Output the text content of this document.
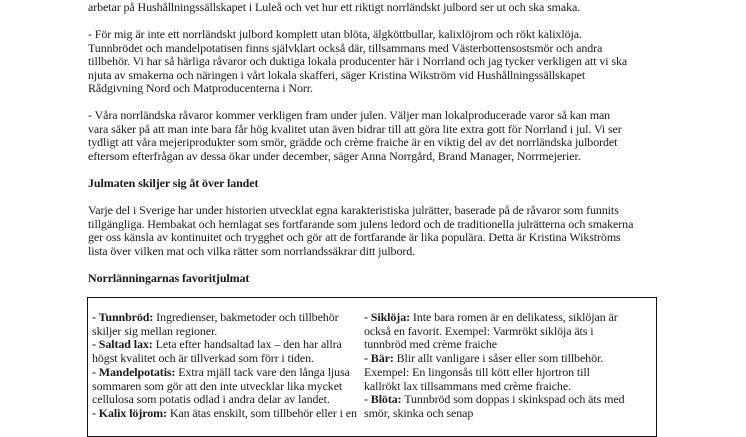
arbetar på Hushållningssällskapet i Luleå och vet hur ett riktigt norrländskt julbord ser ut och ska smaka.
- För mig är inte ett norrländskt julbord komplett utan blöta, älgköttbullar, kalixlöjrom och rökt kalixlöja.
Tunnbrödet och mandelpotatisen finns självklart också där, tillsammans med Västerbottensostsmör och andra
tillbehör. Vi har så härliga råvaror och duktiga lokala producenter här i Norrland och jag tycker verkligen att vi ska
njuta av smakerna och näringen i vårt lokala skafferi, säger Kristina Wikström vid Hushållningssällskapet
Rådgivning Nord och Matproducenterna i Norr.
- Våra norrländska råvaror kommer verkligen fram under julen. Väljer man lokalproducerade varor så kan man
vara säker på att man inte bara får hög kvalitet utan även bidrar till att göra lite extra gott för Norrland i jul. Vi ser
tydligt att våra mejeriprodukter som smör, grädde och crème fraiche är en viktig del av det norrländska julbordet
eftersom efterfrågan av dessa ökar under december, säger Anna Norrgård, Brand Manager, Norrmejerier.
Julmaten skiljer sig åt över landet
Varje del i Sverige har under historien utvecklat egna karakteristiska julrätter, baserade på de råvaror som funnits
tillgängliga. Hembakat och hemlagat ses fortfarande som julens ledord och de traditionella julrätterna och smakerna
ger oss känsla av kontinuitet och trygghet och gör att de fortfarande är lika populära. Detta är Kristina Wikströms
lista över vilken mat och vilka rätter som norrlandssäkrar ditt julbord.
Norrlänningarnas favoritjulmat
- Tunnbröd: Ingredienser, bakmetoder och tillbehör
skiljer sig mellan regioner.
- Saltad lax: Leta efter handsaltad lax – den har allra
högst kvalitet och är tillverkad som förr i tiden.
- Mandelpotatis: Extra mjäll tack vare den långa ljusa
sommaren som gör att den inte utvecklar lika mycket
cellulosa som potatis odlad i andra delar av landet.
- Kalix löjrom: Kan ätas enskilt, som tillbehör eller i en
- Siklöja: Inte bara romen är en delikatess, siklöjan är
också en favorit. Exempel: Varmrökt siklöja äts i
tunnbröd med crème fraiche
- Bär: Blir allt vanligare i såser eller som tillbehör.
Exempel: En lingonsås till kött eller hjortron till
kallrökt lax tillsammans med crème fraiche.
- Blöta: Tunnbröd som doppas i skinkspad och äts med
smör, skinka och senap
